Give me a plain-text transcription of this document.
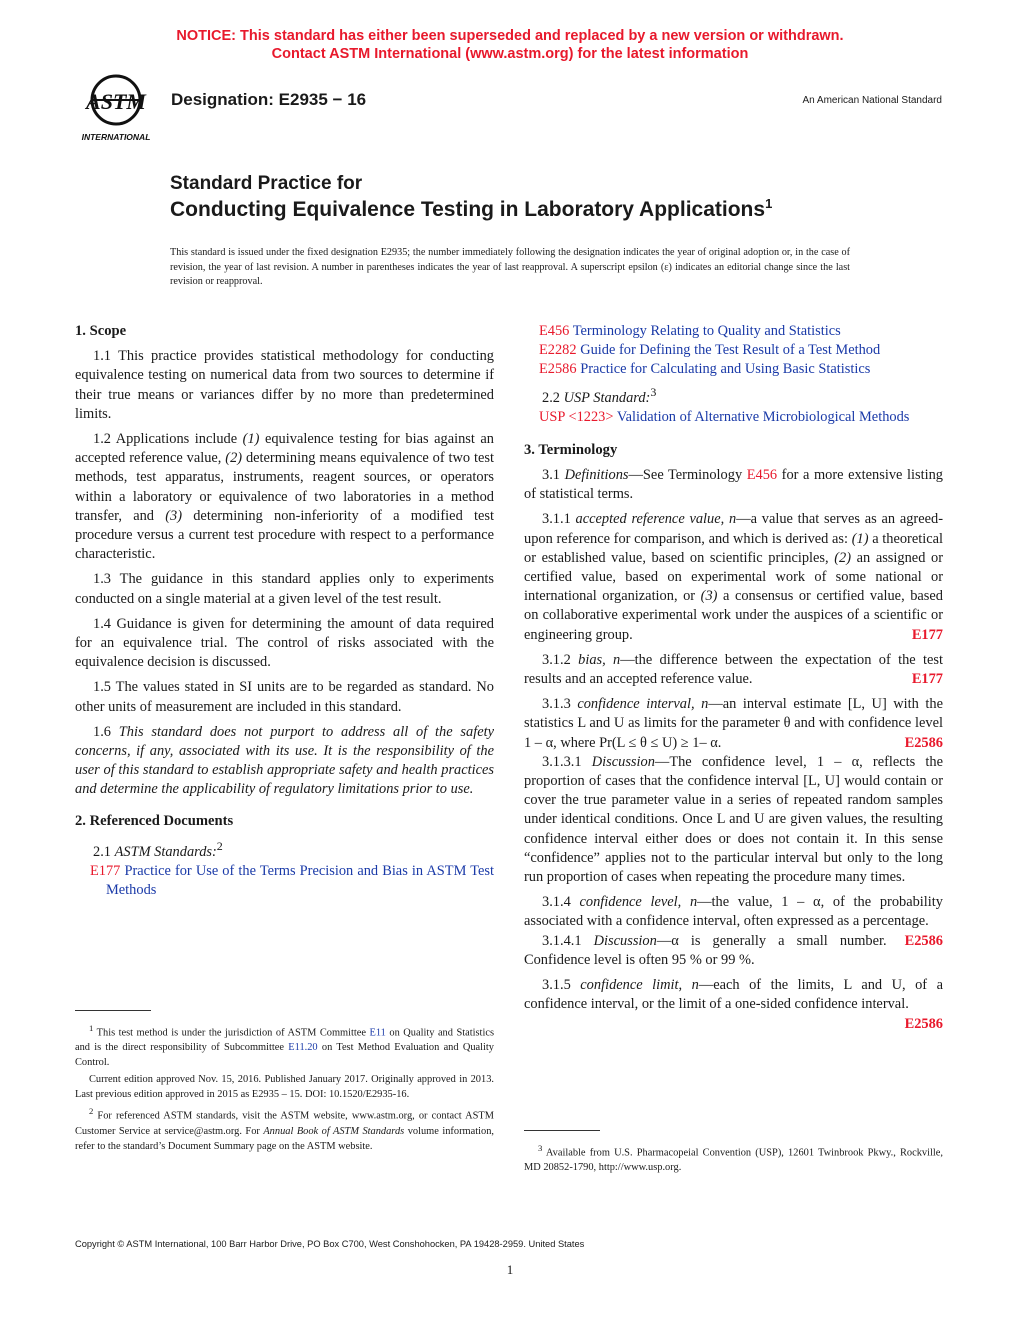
NOTICE: This standard has either been superseded and replaced by a new version or withdrawn.
Contact ASTM International (www.astm.org) for the latest information
ASTM
INTERNATIONAL
Designation: E2935 − 16	An American National Standard
Standard Practice for
Conducting Equivalence Testing in Laboratory Applications$^1$
This standard is issued under the fixed designation E2935; the number immediately following the designation indicates the year of original adoption or, in the case of revision, the year of last revision. A number in parentheses indicates the year of last reapproval. A superscript epsilon (ε) indicates an editorial change since the last revision or reapproval.
1. Scope

1.1 This practice provides statistical methodology for conducting equivalence testing on numerical data from two sources to determine if their true means or variances differ by no more than predetermined limits.

1.2 Applications include (1) equivalence testing for bias against an accepted reference value, (2) determining means equivalence of two test methods, test apparatus, instruments, reagent sources, or operators within a laboratory or equivalence of two laboratories in a method transfer, and (3) determining non-inferiority of a modified test procedure versus a current test procedure with respect to a performance characteristic.

1.3 The guidance in this standard applies only to experiments conducted on a single material at a given level of the test result.

1.4 Guidance is given for determining the amount of data required for an equivalence trial. The control of risks associated with the equivalence decision is discussed.

1.5 The values stated in SI units are to be regarded as standard. No other units of measurement are included in this standard.

1.6 This standard does not purport to address all of the safety concerns, if any, associated with its use. It is the responsibility of the user of this standard to establish appropriate safety and health practices and determine the applicability of regulatory limitations prior to use.

2. Referenced Documents

2.1 ASTM Standards:$^2$

E177 Practice for Use of the Terms Precision and Bias in ASTM Test Methods

$^1$ This test method is under the jurisdiction of ASTM Committee E11 on Quality and Statistics and is the direct responsibility of Subcommittee E11.20 on Test Method Evaluation and Quality Control.

Current edition approved Nov. 15, 2016. Published January 2017. Originally approved in 2013. Last previous edition approved in 2015 as E2935 – 15. DOI: 10.1520/E2935-16.

$^2$ For referenced ASTM standards, visit the ASTM website, www.astm.org, or contact ASTM Customer Service at service@astm.org. For Annual Book of ASTM Standards volume information, refer to the standard’s Document Summary page on the ASTM website.

E456 Terminology Relating to Quality and Statistics

E2282 Guide for Defining the Test Result of a Test Method

E2586 Practice for Calculating and Using Basic Statistics

2.2 USP Standard:$^3$

USP <1223> Validation of Alternative Microbiological Methods

3. Terminology

3.1 Definitions—See Terminology E456 for a more extensive listing of statistical terms.

3.1.1 accepted reference value, n—a value that serves as an agreed-upon reference for comparison, and which is derived as: (1) a theoretical or established value, based on scientific principles, (2) an assigned or certified value, based on experimental work of some national or international organization, or (3) a consensus or certified value, based on collaborative experimental work under the auspices of a scientific or engineering group.	E177

3.1.2 bias, n—the difference between the expectation of the test results and an accepted reference value.	E177

3.1.3 confidence interval, n—an interval estimate [L, U] with the statistics L and U as limits for the parameter θ and with confidence level 1 – α, where Pr(L ≤ θ ≤ U) ≥ 1– α.	E2586

3.1.3.1 Discussion—The confidence level, 1 – α, reflects the proportion of cases that the confidence interval [L, U] would contain or cover the true parameter value in a series of repeated random samples under identical conditions. Once L and U are given values, the resulting confidence interval either does or does not contain it. In this sense “confidence” applies not to the particular interval but only to the long run proportion of cases when repeating the procedure many times.

3.1.4 confidence level, n—the value, 1 – α, of the probability associated with a confidence interval, often expressed as a percentage.
E2586

3.1.4.1 Discussion—α is generally a small number. Confidence level is often 95 % or 99 %.

3.1.5 confidence limit, n—each of the limits, L and U, of a confidence interval, or the limit of a one-sided confidence interval.
E2586

$^3$ Available from U.S. Pharmacopeial Convention (USP), 12601 Twinbrook Pkwy., Rockville, MD 20852-1790, http://www.usp.org.

Copyright © ASTM International, 100 Barr Harbor Drive, PO Box C700, West Conshohocken, PA 19428-2959. United States
1
